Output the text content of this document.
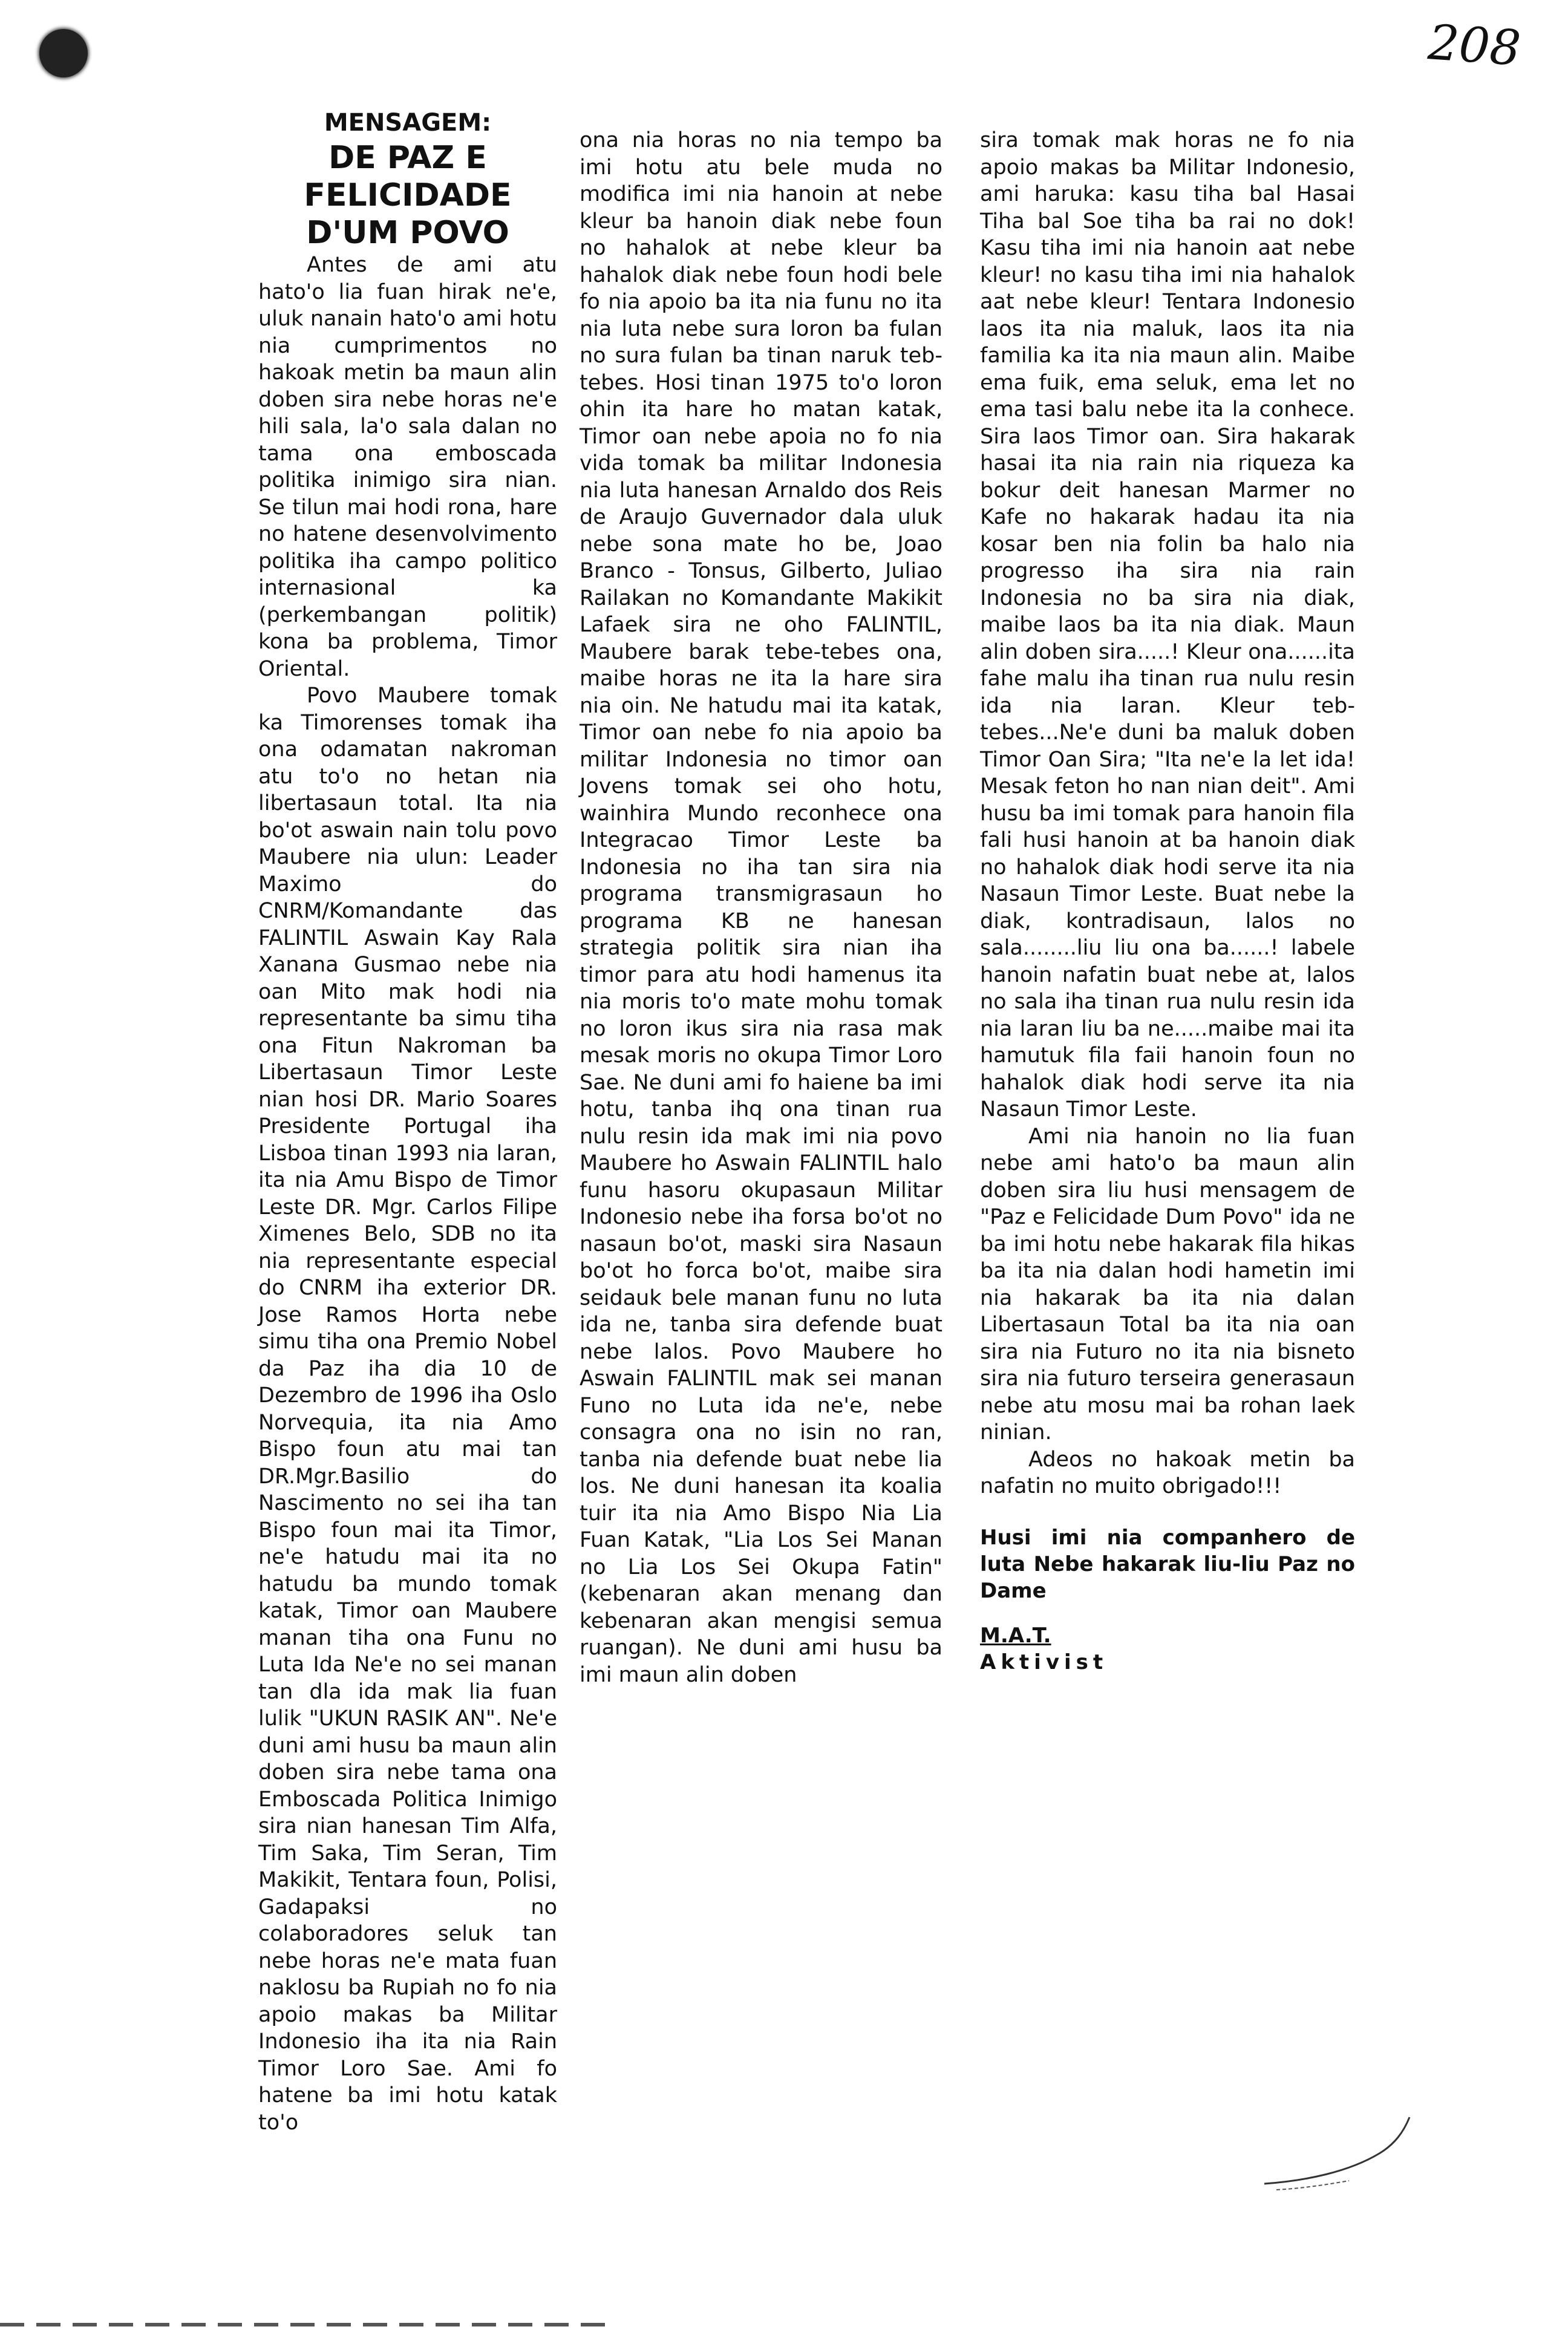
208
MENSAGEM:
DE PAZ E FELICIDADE D'UM POVO

Antes de ami atu hato'o lia fuan hirak ne'e, uluk nanain hato'o ami hotu nia cumprimentos no hakoak metin ba maun alin doben sira nebe horas ne'e hili sala, la'o sala dalan no tama ona emboscada politika inimigo sira nian. Se tilun mai hodi rona, hare no hatene desenvolvimento politika iha campo politico internasional ka (perkembangan politik) kona ba problema, Timor Oriental.

Povo Maubere tomak ka Timorenses tomak iha ona odamatan nakroman atu to'o no hetan nia libertasaun total. Ita nia bo'ot aswain nain tolu povo Maubere nia ulun: Leader Maximo do CNRM/Komandante das FALINTIL Aswain Kay Rala Xanana Gusmao nebe nia oan Mito mak hodi nia representante ba simu tiha ona Fitun Nakroman ba Libertasaun Timor Leste nian hosi DR. Mario Soares Presidente Portugal iha Lisboa tinan 1993 nia laran, ita nia Amu Bispo de Timor Leste DR. Mgr. Carlos Filipe Ximenes Belo, SDB no ita nia representante especial do CNRM iha exterior DR. Jose Ramos Horta nebe simu tiha ona Premio Nobel da Paz iha dia 10 de Dezembro de 1996 iha Oslo Norvequia, ita nia Amo Bispo foun atu mai tan DR.Mgr.Basilio do Nascimento no sei iha tan Bispo foun mai ita Timor, ne'e hatudu mai ita no hatudu ba mundo tomak katak, Timor oan Maubere manan tiha ona Funu no Luta Ida Ne'e no sei manan tan dla ida mak lia fuan lulik "UKUN RASIK AN". Ne'e duni ami husu ba maun alin doben sira nebe tama ona Emboscada Politica Inimigo sira nian hanesan Tim Alfa, Tim Saka, Tim Seran, Tim Makikit, Tentara foun, Polisi, Gadapaksi no colaboradores seluk tan nebe horas ne'e mata fuan naklosu ba Rupiah no fo nia apoio makas ba Militar Indonesio iha ita nia Rain Timor Loro Sae. Ami fo hatene ba imi hotu katak to'o

ona nia horas no nia tempo ba imi hotu atu bele muda no modifica imi nia hanoin at nebe kleur ba hanoin diak nebe foun no hahalok at nebe kleur ba hahalok diak nebe foun hodi bele fo nia apoio ba ita nia funu no ita nia luta nebe sura loron ba fulan no sura fulan ba tinan naruk teb-tebes. Hosi tinan 1975 to'o loron ohin ita hare ho matan katak, Timor oan nebe apoia no fo nia vida tomak ba militar Indonesia nia luta hanesan Arnaldo dos Reis de Araujo Guvernador dala uluk nebe sona mate ho be, Joao Branco - Tonsus, Gilberto, Juliao Railakan no Komandante Makikit Lafaek sira ne oho FALINTIL, Maubere barak tebe-tebes ona, maibe horas ne ita la hare sira nia oin. Ne hatudu mai ita katak, Timor oan nebe fo nia apoio ba militar Indonesia no timor oan Jovens tomak sei oho hotu, wainhira Mundo reconhece ona Integracao Timor Leste ba Indonesia no iha tan sira nia programa transmigrasaun ho programa KB ne hanesan strategia politik sira nian iha timor para atu hodi hamenus ita nia moris to'o mate mohu tomak no loron ikus sira nia rasa mak mesak moris no okupa Timor Loro Sae. Ne duni ami fo haiene ba imi hotu, tanba ihq ona tinan rua nulu resin ida mak imi nia povo Maubere ho Aswain FALINTIL halo funu hasoru okupasaun Militar Indonesio nebe iha forsa bo'ot no nasaun bo'ot, maski sira Nasaun bo'ot ho forca bo'ot, maibe sira seidauk bele manan funu no luta ida ne, tanba sira defende buat nebe lalos. Povo Maubere ho Aswain FALINTIL mak sei manan Funo no Luta ida ne'e, nebe consagra ona no isin no ran, tanba nia defende buat nebe lia los. Ne duni hanesan ita koalia tuir ita nia Amo Bispo Nia Lia Fuan Katak, "Lia Los Sei Manan no Lia Los Sei Okupa Fatin" (kebenaran akan menang dan kebenaran akan mengisi semua ruangan). Ne duni ami husu ba imi maun alin doben

sira tomak mak horas ne fo nia apoio makas ba Militar Indonesio, ami haruka: kasu tiha bal Hasai Tiha bal Soe tiha ba rai no dok! Kasu tiha imi nia hanoin aat nebe kleur! no kasu tiha imi nia hahalok aat nebe kleur! Tentara Indonesio laos ita nia maluk, laos ita nia familia ka ita nia maun alin. Maibe ema fuik, ema seluk, ema let no ema tasi balu nebe ita la conhece. Sira laos Timor oan. Sira hakarak hasai ita nia rain nia riqueza ka bokur deit hanesan Marmer no Kafe no hakarak hadau ita nia kosar ben nia folin ba halo nia progresso iha sira nia rain Indonesia no ba sira nia diak, maibe laos ba ita nia diak. Maun alin doben sira.....! Kleur ona......ita fahe malu iha tinan rua nulu resin ida nia laran. Kleur teb-tebes...Ne'e duni ba maluk doben Timor Oan Sira; "Ita ne'e la let ida! Mesak feton ho nan nian deit". Ami husu ba imi tomak para hanoin fila fali husi hanoin at ba hanoin diak no hahalok diak hodi serve ita nia Nasaun Timor Leste. Buat nebe la diak, kontradisaun, lalos no sala........liu liu ona ba......! labele hanoin nafatin buat nebe at, lalos no sala iha tinan rua nulu resin ida nia laran liu ba ne.....maibe mai ita hamutuk fila faii hanoin foun no hahalok diak hodi serve ita nia Nasaun Timor Leste.

Ami nia hanoin no lia fuan nebe ami hato'o ba maun alin doben sira liu husi mensagem de "Paz e Felicidade Dum Povo" ida ne ba imi hotu nebe hakarak fila hikas ba ita nia dalan hodi hametin imi nia hakarak ba ita nia dalan Libertasaun Total ba ita nia oan sira nia Futuro no ita nia bisneto sira nia futuro terseira generasaun nebe atu mosu mai ba rohan laek ninian.

Adeos no hakoak metin ba nafatin no muito obrigado!!!

Husi imi nia companhero de luta Nebe hakarak liu-liu Paz no Dame
M.A.T.
Aktivist
